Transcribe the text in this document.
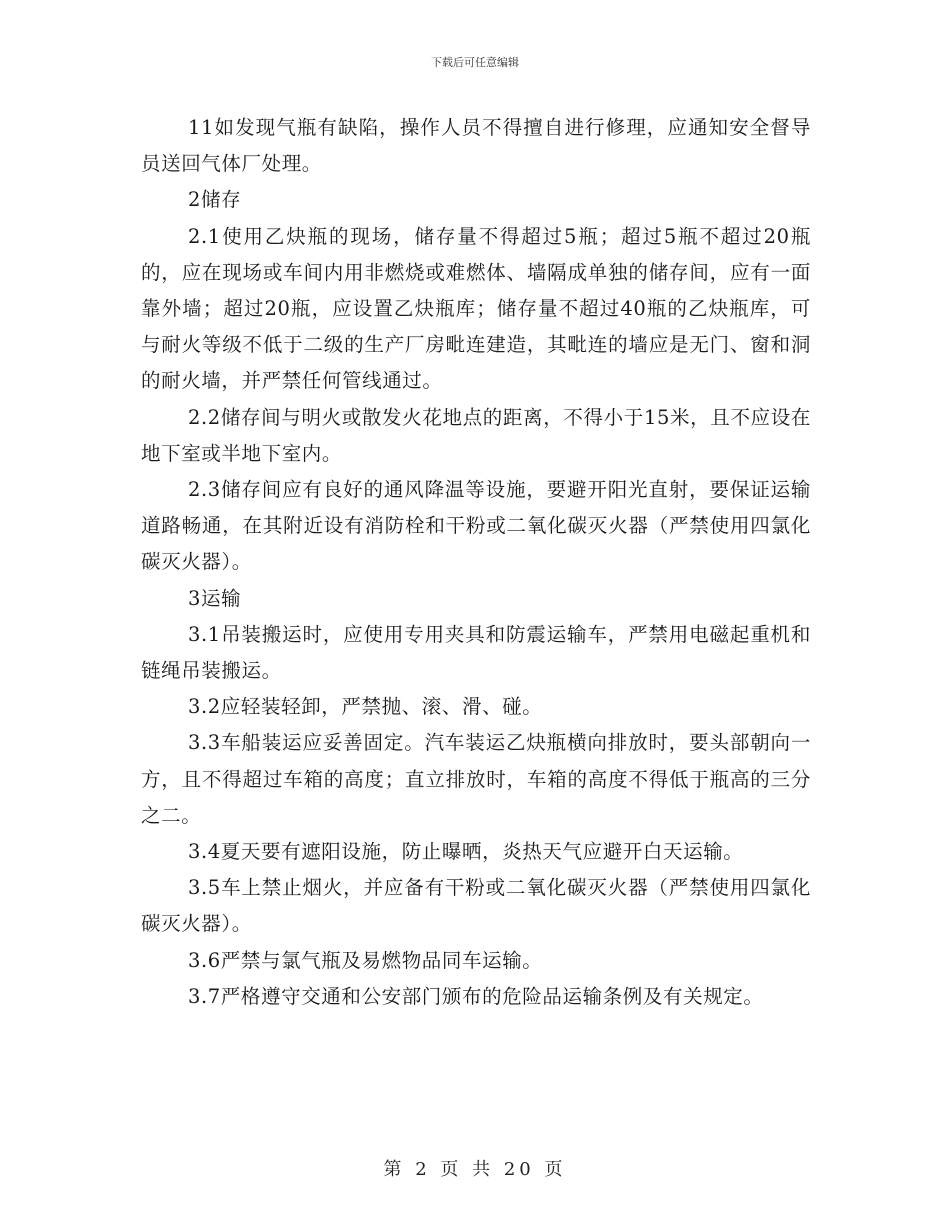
下载后可任意编辑

11如发现气瓶有缺陷，操作人员不得擅自进行修理，应通知安全督导员送回气体厂处理。

2储存

2.1使用乙炔瓶的现场，储存量不得超过5瓶；超过5瓶不超过20瓶的，应在现场或车间内用非燃烧或难燃体、墙隔成单独的储存间，应有一面靠外墙；超过20瓶，应设置乙炔瓶库；储存量不超过40瓶的乙炔瓶库，可与耐火等级不低于二级的生产厂房毗连建造，其毗连的墙应是无门、窗和洞的耐火墙，并严禁任何管线通过。

2.2储存间与明火或散发火花地点的距离，不得小于15米，且不应设在地下室或半地下室内。

2.3储存间应有良好的通风降温等设施，要避开阳光直射，要保证运输道路畅通，在其附近设有消防栓和干粉或二氧化碳灭火器（严禁使用四氯化碳灭火器）。

3运输

3.1吊装搬运时，应使用专用夹具和防震运输车，严禁用电磁起重机和链绳吊装搬运。

3.2应轻装轻卸，严禁抛、滚、滑、碰。

3.3车船装运应妥善固定。汽车装运乙炔瓶横向排放时，要头部朝向一方，且不得超过车箱的高度；直立排放时，车箱的高度不得低于瓶高的三分之二。

3.4夏天要有遮阳设施，防止曝晒，炎热天气应避开白天运输。

3.5车上禁止烟火，并应备有干粉或二氧化碳灭火器（严禁使用四氯化碳灭火器）。

3.6严禁与氯气瓶及易燃物品同车运输。

3.7严格遵守交通和公安部门颁布的危险品运输条例及有关规定。

第 2 页 共 20 页
